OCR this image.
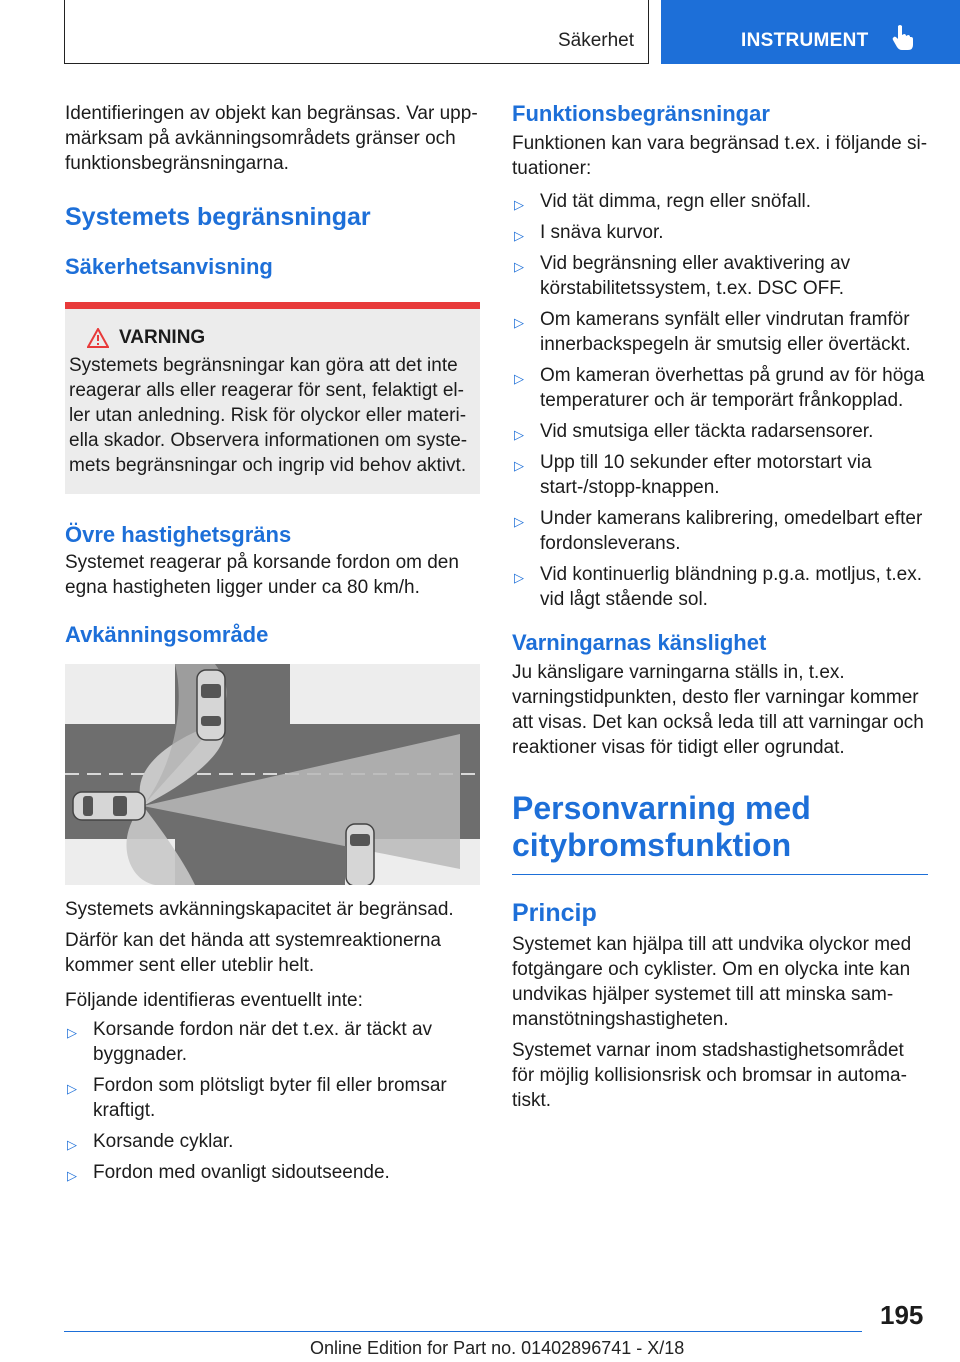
Säkerhet	INSTRUMENT

Identifieringen av objekt kan begränsas. Var uppmärksam på avkänningsområdets gränser och funktionsbegränsningarna.

Systemets begränsningar
Säkerhetsanvisning
VARNING

Systemets begränsningar kan göra att det inte reagerar alls eller reagerar för sent, felaktigt eller utan anledning. Risk för olyckor eller materiella skador. Observera informationen om systemets begränsningar och ingrip vid behov aktivt.

Övre hastighetsgräns

Systemet reagerar på korsande fordon om den egna hastigheten ligger under ca 80 km/h.

Avkänningsområde

Systemets avkänningskapacitet är begränsad.

Därför kan det hända att systemreaktionerna kommer sent eller uteblir helt.

Följande identifieras eventuellt inte:

▷ Korsande fordon när det t.ex. är täckt av byggnader.
▷ Fordon som plötsligt byter fil eller bromsar kraftigt.
▷ Korsande cyklar.
▷ Fordon med ovanligt sidoutseende.
Funktionsbegränsningar

Funktionen kan vara begränsad t.ex. i följande situationer:

▷ Vid tät dimma, regn eller snöfall.
▷ I snäva kurvor.
▷ Vid begränsning eller avaktivering av körstabilitetssystem, t.ex. DSC OFF.
▷ Om kamerans synfält eller vindrutan framför innerbackspegeln är smutsig eller övertäckt.
▷ Om kameran överhettas på grund av för höga temperaturer och är temporärt frånkopplad.
▷ Vid smutsiga eller täckta radarsensorer.
▷ Upp till 10 sekunder efter motorstart via start-/stopp-knappen.
▷ Under kamerans kalibrering, omedelbart efter fordonsleverans.
▷ Vid kontinuerlig bländning p.g.a. motljus, t.ex. vid lågt stående sol.
Varningarnas känslighet

Ju känsligare varningarna ställs in, t.ex. varningstidpunkten, desto fler varningar kommer att visas. Det kan också leda till att varningar och reaktioner visas för tidigt eller ogrundat.

Personvarning med citybromsfunktion
Princip

Systemet kan hjälpa till att undvika olyckor med fotgängare och cyklister. Om en olycka inte kan undvikas hjälper systemet till att minska sammanstötningshastigheten.

Systemet varnar inom stadshastighetsområdet för möjlig kollisionsrisk och bromsar in automatiskt.

195
Online Edition for Part no. 01402896741 - X/18
